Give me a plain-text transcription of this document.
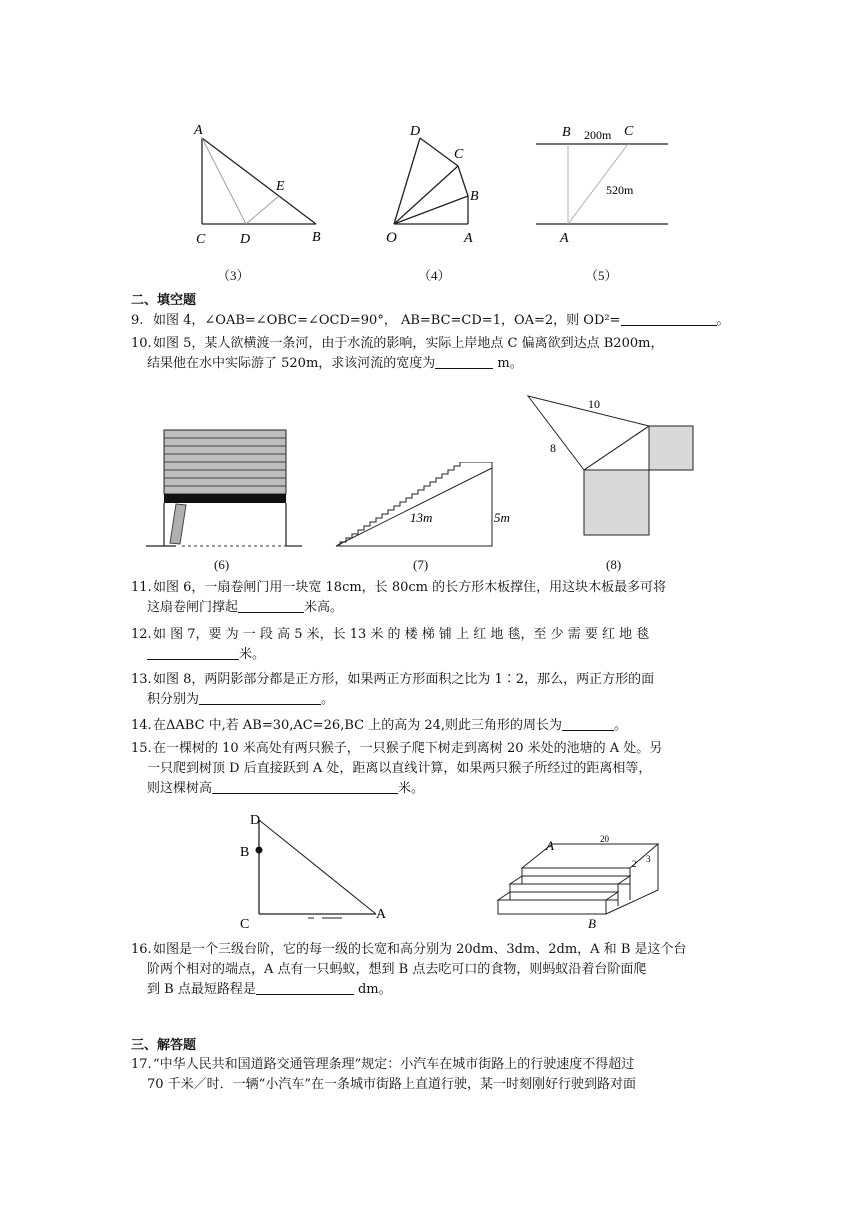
A
C D	B
E
（3）
D
C
B
O	A
（4）
B	C
200m
520m
A
（5）
二、填空题
9. 如图 4，∠OAB=∠OBC=∠OCD=90°， AB=BC=CD=1，OA=2，则 OD²=	。
10.如图 5，某人欲横渡一条河，由于水流的影响，实际上岸地点 C 偏离欲到达点 B200m，
结果他在水中实际游了 520m，求该河流的宽度为	m。
(6)
13m	5m
(7)
10
8
(8)
11.如图 6，一扇卷闸门用一块宽 18cm，长 80cm 的长方形木板撑住，用这块木板最多可将
这扇卷闸门撑起	米高。
12.如 图 7，要 为 一 段 高 5 米，长 13 米 的 楼 梯 铺 上 红 地 毯，至 少 需 要 红 地 毯
米。
13.如图 8，两阴影部分都是正方形，如果两正方形面积之比为 1∶2，那么，两正方形的面
积分别为	。
14.在ΔABC 中,若 AB=30,AC=26,BC 上的高为 24,则此三角形的周长为	。
15.在一棵树的 10 米高处有两只猴子，一只猴子爬下树走到离树 20 米处的池塘的 A 处。另
一只爬到树顶 D 后直接跃到 A 处，距离以直线计算，如果两只猴子所经过的距离相等，
则这棵树高	米。
D
B
C
A
A	20
2 3
B
16.如图是一个三级台阶，它的每一级的长宽和高分别为 20dm、3dm、2dm，A 和 B 是这个台
阶两个相对的端点，A 点有一只蚂蚁，想到 B 点去吃可口的食物，则蚂蚁沿着台阶面爬
到 B 点最短路程是	dm。
三、解答题
17.“中华人民共和国道路交通管理条理”规定：小汽车在城市街路上的行驶速度不得超过
70 千米／时．一辆“小汽车”在一条城市街路上直道行驶，某一时刻刚好行驶到路对面
